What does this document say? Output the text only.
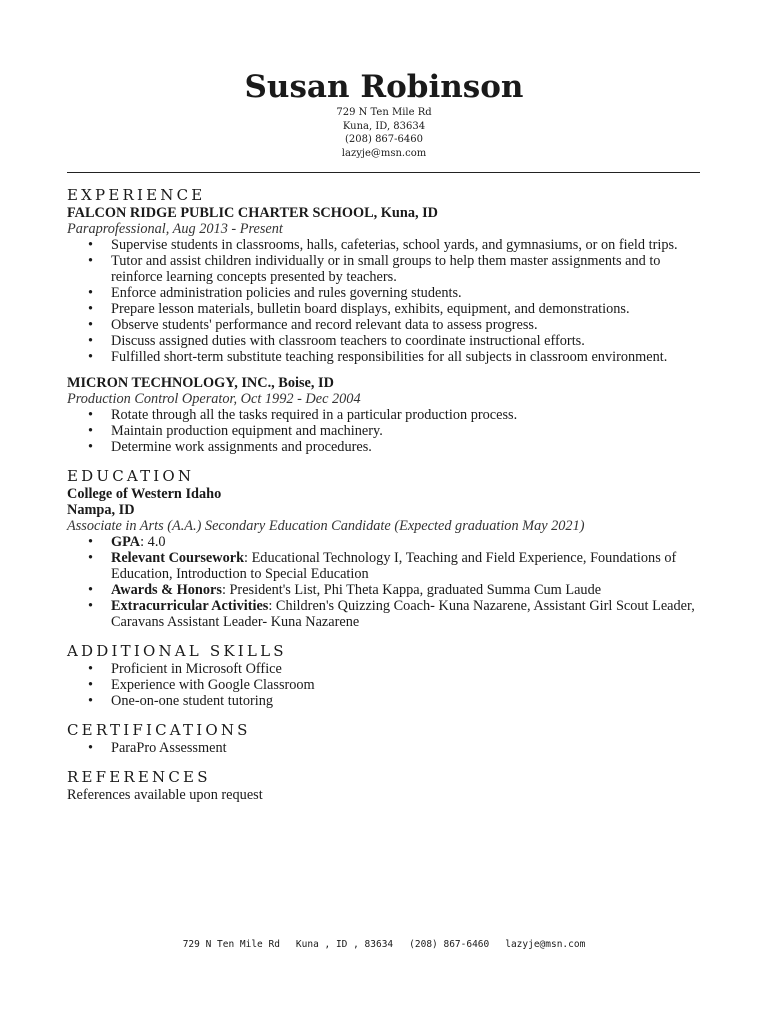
Susan Robinson
729 N Ten Mile Rd
Kuna, ID, 83634
(208) 867-6460
lazyje@msn.com
EXPERIENCE
FALCON RIDGE PUBLIC CHARTER SCHOOL, Kuna, ID
Paraprofessional, Aug 2013 - Present
• Supervise students in classrooms, halls, cafeterias, school yards, and gymnasiums, or on field trips.
• Tutor and assist children individually or in small groups to help them master assignments and to reinforce learning concepts presented by teachers.
• Enforce administration policies and rules governing students.
• Prepare lesson materials, bulletin board displays, exhibits, equipment, and demonstrations.
• Observe students' performance and record relevant data to assess progress.
• Discuss assigned duties with classroom teachers to coordinate instructional efforts.
• Fulfilled short-term substitute teaching responsibilities for all subjects in classroom environment.
MICRON TECHNOLOGY, INC., Boise, ID
Production Control Operator, Oct 1992 - Dec 2004
• Rotate through all the tasks required in a particular production process.
• Maintain production equipment and machinery.
• Determine work assignments and procedures.
EDUCATION
College of Western Idaho
Nampa, ID
Associate in Arts (A.A.) Secondary Education Candidate (Expected graduation May 2021)
• GPA: 4.0
• Relevant Coursework: Educational Technology I, Teaching and Field Experience, Foundations of Education, Introduction to Special Education
• Awards & Honors: President's List, Phi Theta Kappa, graduated Summa Cum Laude
• Extracurricular Activities: Children's Quizzing Coach- Kuna Nazarene, Assistant Girl Scout Leader, Caravans Assistant Leader- Kuna Nazarene
ADDITIONAL SKILLS
• Proficient in Microsoft Office
• Experience with Google Classroom
• One-on-one student tutoring
CERTIFICATIONS
• ParaPro Assessment
REFERENCES
References available upon request
729 N Ten Mile Rd Kuna , ID , 83634 (208) 867-6460 lazyje@msn.com
